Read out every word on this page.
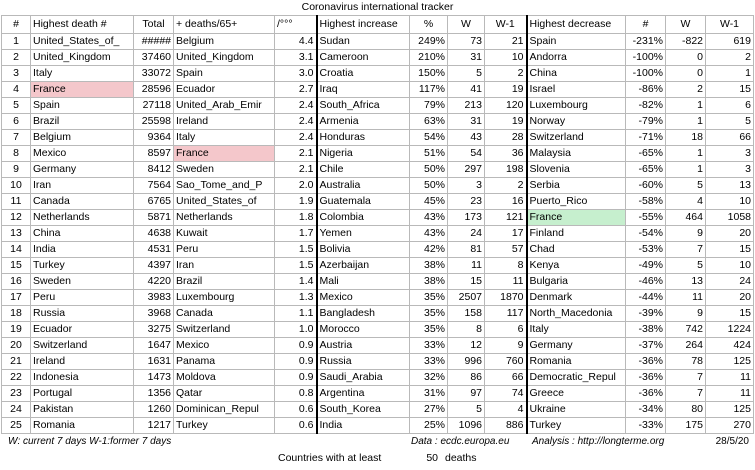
Coronavirus international tracker
#	Highest death #	Total	+ deaths/65+	/°°°	Highest increase	%	W	W-1	Highest decrease	#	W	W-1
1	United_States_of_	#####	Belgium	4.4	Sudan	249%	73	21	Spain	-231%	-822	619
2	United_Kingdom	37460	United_Kingdom	3.1	Cameroon	210%	31	10	Andorra	-100%	0	2
3	Italy	33072	Spain	3.0	Croatia	150%	5	2	China	-100%	0	1
4	France	28596	Ecuador	2.7	Iraq	117%	41	19	Israel	-86%	2	15
5	Spain	27118	United_Arab_Emir	2.4	South_Africa	79%	213	120	Luxembourg	-82%	1	6
6	Brazil	25598	Ireland	2.4	Armenia	63%	31	19	Norway	-79%	1	5
7	Belgium	9364	Italy	2.4	Honduras	54%	43	28	Switzerland	-71%	18	66
8	Mexico	8597	France	2.1	Nigeria	51%	54	36	Malaysia	-65%	1	3
9	Germany	8412	Sweden	2.1	Chile	50%	297	198	Slovenia	-65%	1	3
10	Iran	7564	Sao_Tome_and_P	2.0	Australia	50%	3	2	Serbia	-60%	5	13
11	Canada	6765	United_States_of	1.9	Guatemala	45%	23	16	Puerto_Rico	-58%	4	10
12	Netherlands	5871	Netherlands	1.8	Colombia	43%	173	121	France	-55%	464	1058
13	China	4638	Kuwait	1.7	Yemen	43%	24	17	Finland	-54%	9	20
14	India	4531	Peru	1.5	Bolivia	42%	81	57	Chad	-53%	7	15
15	Turkey	4397	Iran	1.5	Azerbaijan	38%	11	8	Kenya	-49%	5	10
16	Sweden	4220	Brazil	1.4	Mali	38%	15	11	Bulgaria	-46%	13	24
17	Peru	3983	Luxembourg	1.3	Mexico	35%	2507	1870	Denmark	-44%	11	20
18	Russia	3968	Canada	1.1	Bangladesh	35%	158	117	North_Macedonia	-39%	9	15
19	Ecuador	3275	Switzerland	1.0	Morocco	35%	8	6	Italy	-38%	742	1224
20	Switzerland	1647	Mexico	0.9	Austria	33%	12	9	Germany	-37%	264	424
21	Ireland	1631	Panama	0.9	Russia	33%	996	760	Romania	-36%	78	125
22	Indonesia	1473	Moldova	0.9	Saudi_Arabia	32%	86	66	Democratic_Repul	-36%	7	11
23	Portugal	1356	Qatar	0.8	Argentina	31%	97	74	Greece	-36%	7	11
24	Pakistan	1260	Dominican_Repul	0.6	South_Korea	27%	5	4	Ukraine	-34%	80	125
25	Romania	1217	Turkey	0.6	India	25%	1096	886	Turkey	-33%	175	270
W: current 7 days W-1:former 7 days	Data : ecdc.europa.eu Analysis : http://longterme.org	28/5/20
Countries with at least	50 deaths
